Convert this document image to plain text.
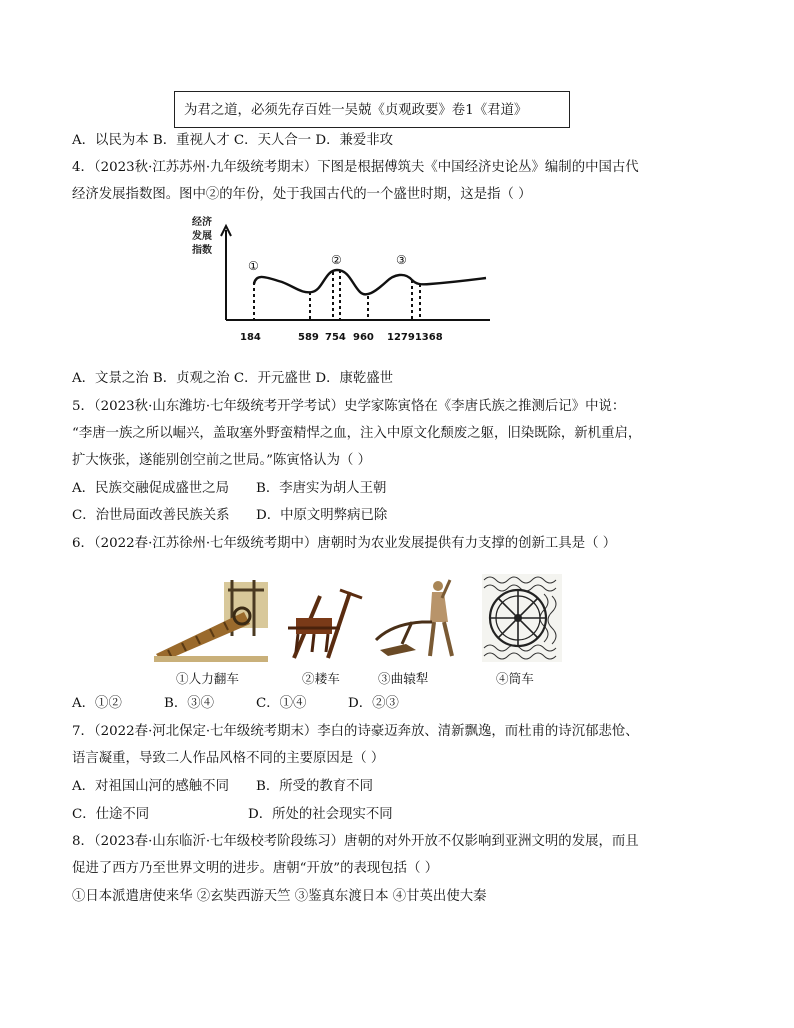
为君之道，必须先存百姓一吴兢《贞观政要》卷1《君道》
A．以民为本 B．重视人才 C．天人合一 D．兼爱非攻
4．（2023秋·江苏苏州·九年级统考期末）下图是根据傅筑夫《中国经济史论丛》编制的中国古代
经济发展指数图。图中②的年份，处于我国古代的一个盛世时期，这是指（ ）
经济
发展
指数
①	②	③
184	589 754 960 12791368
A．文景之治 B．贞观之治 C．开元盛世 D．康乾盛世
5．（2023秋·山东潍坊·七年级统考开学考试）史学家陈寅恪在《李唐氏族之推测后记》中说：
“李唐一族之所以崛兴，盖取塞外野蛮精悍之血，注入中原文化颓废之躯，旧染既除，新机重启，
扩大恢张，遂能别创空前之世局。”陈寅恪认为（ ）
A．民族交融促成盛世之局 B．李唐实为胡人王朝
C．治世局面改善民族关系 D．中原文明弊病已除
6．（2022春·江苏徐州·七年级统考期中）唐朝时为农业发展提供有力支撑的创新工具是（ ）
①人力翻车	②耧车	③曲辕犁	④筒车
A．①②	B．③④	C．①④	D．②③
7．（2022春·河北保定·七年级统考期末）李白的诗豪迈奔放、清新飘逸，而杜甫的诗沉郁悲怆、
语言凝重，导致二人作品风格不同的主要原因是（ ）
A．对祖国山河的感触不同 B．所受的教育不同
C．仕途不同	D．所处的社会现实不同
8．（2023春·山东临沂·七年级校考阶段练习）唐朝的对外开放不仅影响到亚洲文明的发展，而且
促进了西方乃至世界文明的进步。唐朝“开放”的表现包括（ ）
①日本派遣唐使来华 ②玄奘西游天竺 ③鉴真东渡日本 ④甘英出使大秦
